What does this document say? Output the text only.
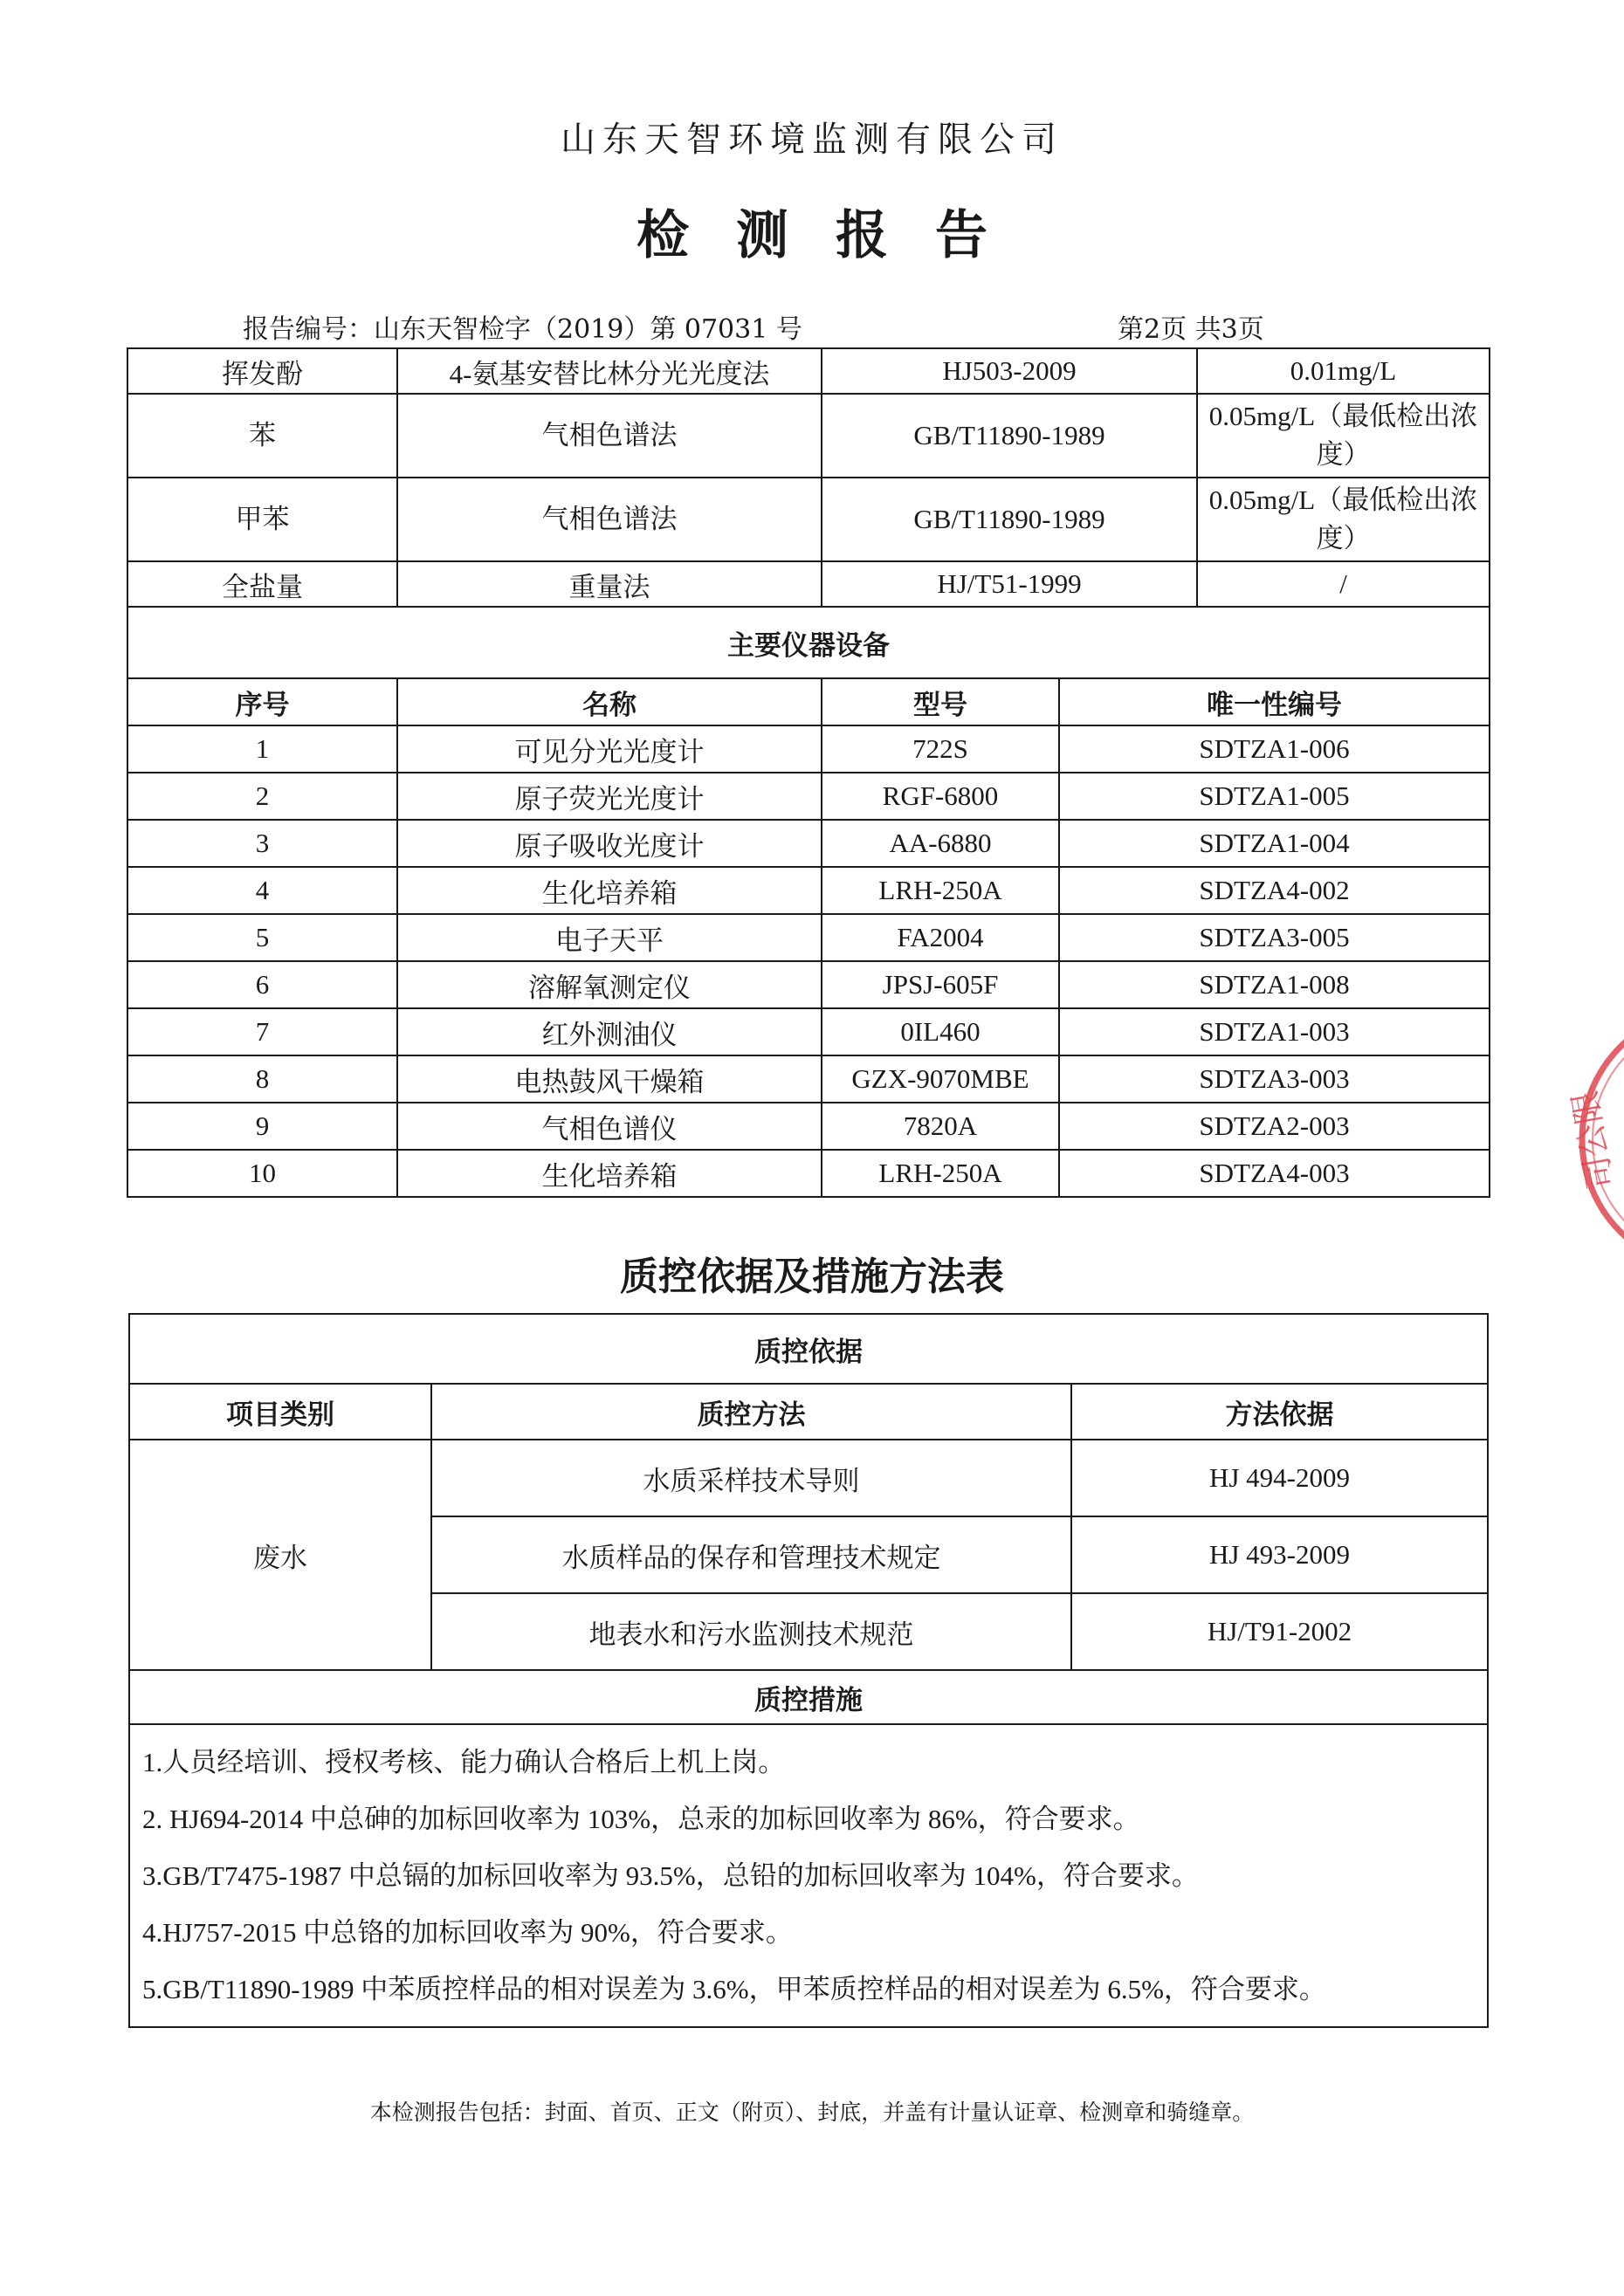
山东天智环境监测有限公司
检测报告
报告编号：山东天智检字（2019）第 07031 号	第2页 共3页
挥发酚	4-氨基安替比林分光光度法	HJ503-2009		0.01mg/L
苯	气相色谱法	GB/T11890-1989		0.05mg/L（最低检出浓度）
甲苯	气相色谱法	GB/T11890-1989		0.05mg/L（最低检出浓度）
全盐量	重量法	HJ/T51-1999		/
主要仪器设备				
序号	名称	型号	唯一性编号	
1	可见分光光度计	722S	SDTZA1-006	
2	原子荧光光度计	RGF-6800	SDTZA1-005	
3	原子吸收光度计	AA-6880	SDTZA1-004	
4	生化培养箱	LRH-250A	SDTZA4-002	
5	电子天平	FA2004	SDTZA3-005	
6	溶解氧测定仪	JPSJ-605F	SDTZA1-008	
7	红外测油仪	0IL460	SDTZA1-003	
8	电热鼓风干燥箱	GZX-9070MBE	SDTZA3-003	
9	气相色谱仪	7820A	SDTZA2-003	
10	生化培养箱	LRH-250A	SDTZA4-003	
质控依据及措施方法表
质控依据		
项目类别	质控方法	方法依据
废水	水质采样技术导则	HJ 494-2009
	水质样品的保存和管理技术规定	HJ 493-2009
	地表水和污水监测技术规范	HJ/T91-2002
质控措施		

1.人员经培训、授权考核、能力确认合格后上机上岗。
2. HJ694-2014 中总砷的加标回收率为 103%，总汞的加标回收率为 86%，符合要求。
3.GB/T7475-1987 中总镉的加标回收率为 93.5%，总铅的加标回收率为 104%，符合要求。
4.HJ757-2015 中总铬的加标回收率为 90%，符合要求。
5.GB/T11890-1989 中苯质控样品的相对误差为 3.6%，甲苯质控样品的相对误差为 6.5%，符合要求。		
本检测报告包括：封面、首页、正文（附页）、封底，并盖有计量认证章、检测章和骑缝章。
司公限
